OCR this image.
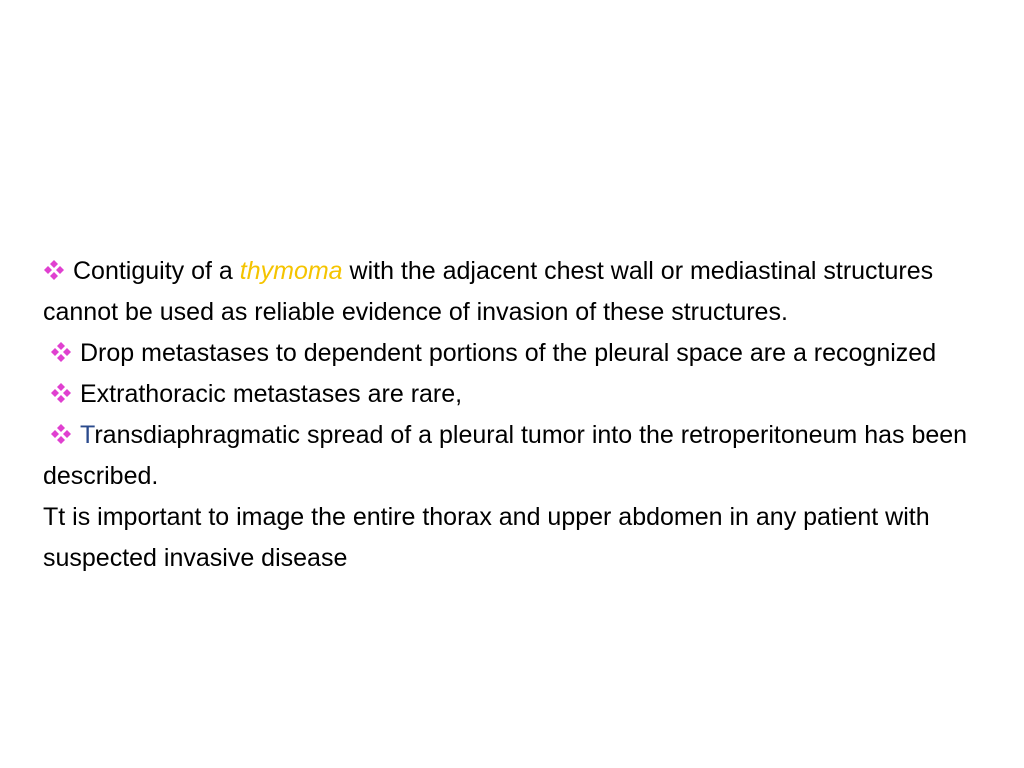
Contiguity of a thymoma with the adjacent chest wall or mediastinal structures cannot be used as reliable evidence of invasion of these structures.

Drop metastases to dependent portions of the pleural space are a recognized

Extrathoracic metastases are rare,

Transdiaphragmatic spread of a pleural tumor into the retroperitoneum has been described.

Tt is important to image the entire thorax and upper abdomen in any patient with suspected invasive disease
